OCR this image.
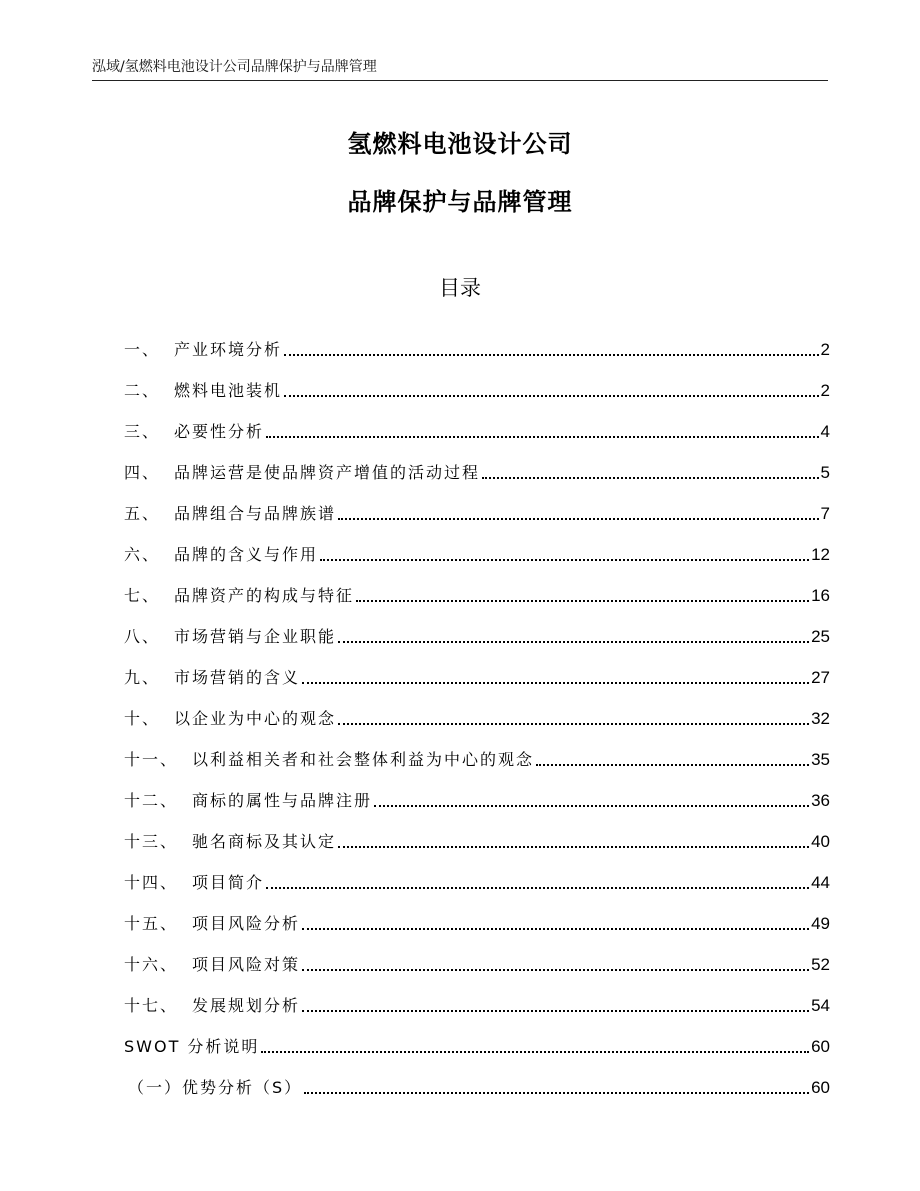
泓域/氢燃料电池设计公司品牌保护与品牌管理
氢燃料电池设计公司
品牌保护与品牌管理
目录
一、 产业环境分析	2
二、 燃料电池装机	2
三、 必要性分析	4
四、 品牌运营是使品牌资产增值的活动过程	5
五、 品牌组合与品牌族谱	7
六、 品牌的含义与作用	12
七、 品牌资产的构成与特征	16
八、 市场营销与企业职能	25
九、 市场营销的含义	27
十、 以企业为中心的观念	32
十一、 以利益相关者和社会整体利益为中心的观念	35
十二、 商标的属性与品牌注册	36
十三、 驰名商标及其认定	40
十四、 项目简介	44
十五、 项目风险分析	49
十六、 项目风险对策	52
十七、 发展规划分析	54
SWOT 分析说明	60
（一）优势分析（S）	60
